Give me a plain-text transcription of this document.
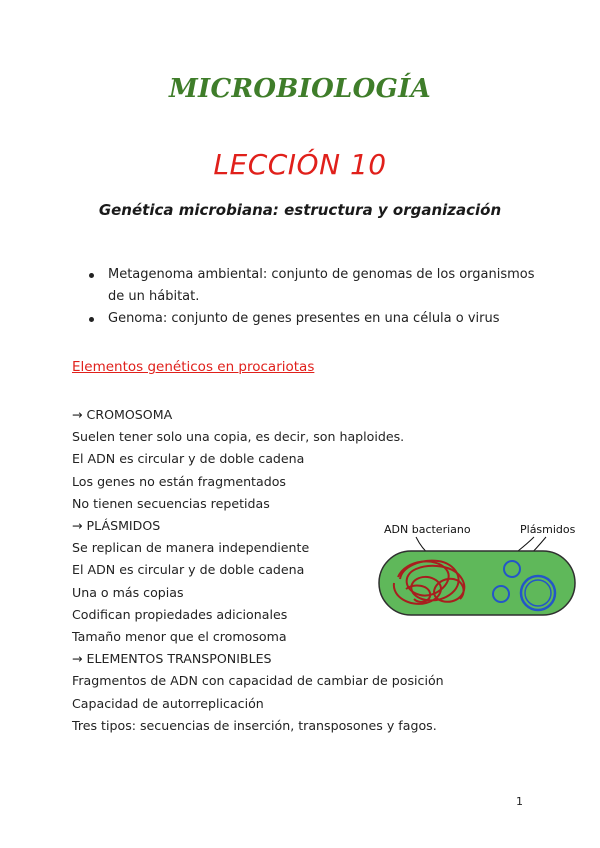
MICROBIOLOGÍA
LECCIÓN 10
Genética microbiana: estructura y organización
Metagenoma ambiental: conjunto de genomas de los organismos de un hábitat.
Genoma: conjunto de genes presentes en una célula o virus
Elementos genéticos en procariotas
→ CROMOSOMA
Suelen tener solo una copia, es decir, son haploides.
El ADN es circular y de doble cadena
Los genes no están fragmentados
No tienen secuencias repetidas
→ PLÁSMIDOS
Se replican de manera independiente
El ADN es circular y de doble cadena
Una o más copias
Codifican propiedades adicionales
Tamaño menor que el cromosoma
→ ELEMENTOS TRANSPONIBLES
Fragmentos de ADN con capacidad de cambiar de posición
Capacidad de autorreplicación
Tres tipos: secuencias de inserción, transposones y fagos.
ADN bacteriano	Plásmidos
1
